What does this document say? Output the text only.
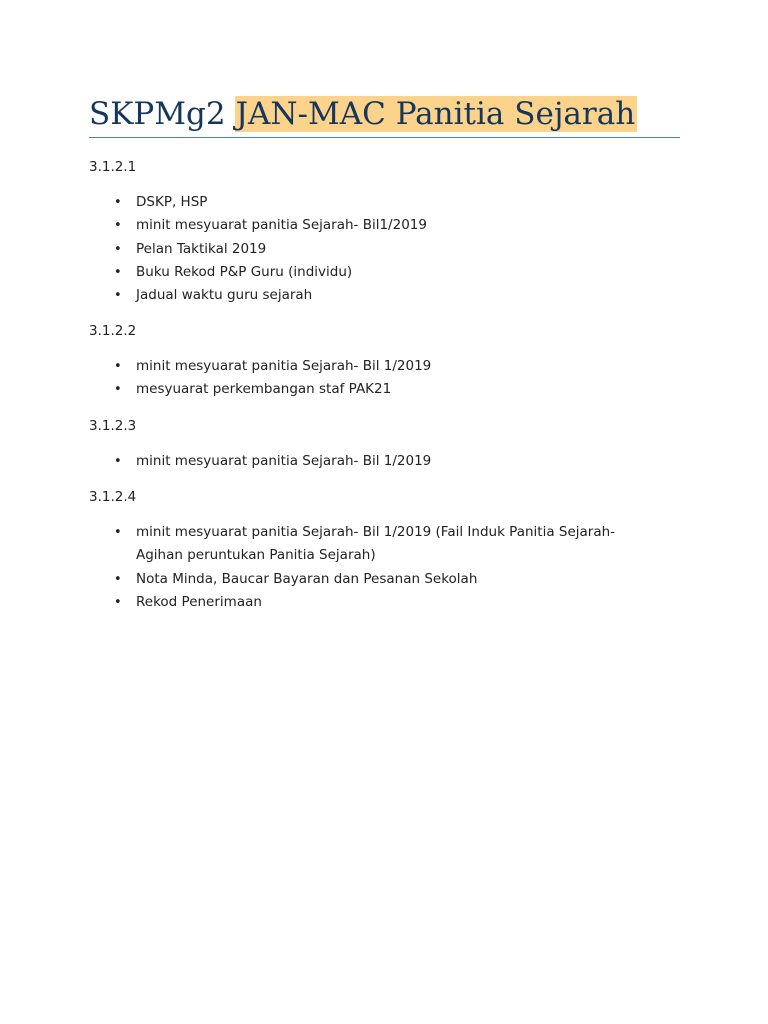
SKPMg2 JAN-MAC Panitia Sejarah

3.1.2.1

• DSKP, HSP
• minit mesyuarat panitia Sejarah- Bil1/2019
• Pelan Taktikal 2019
• Buku Rekod P&P Guru (individu)
• Jadual waktu guru sejarah

3.1.2.2

• minit mesyuarat panitia Sejarah- Bil 1/2019
• mesyuarat perkembangan staf PAK21

3.1.2.3

• minit mesyuarat panitia Sejarah- Bil 1/2019

3.1.2.4

• minit mesyuarat panitia Sejarah- Bil 1/2019 (Fail Induk Panitia Sejarah- Agihan peruntukan Panitia Sejarah)
• Nota Minda, Baucar Bayaran dan Pesanan Sekolah
• Rekod Penerimaan
